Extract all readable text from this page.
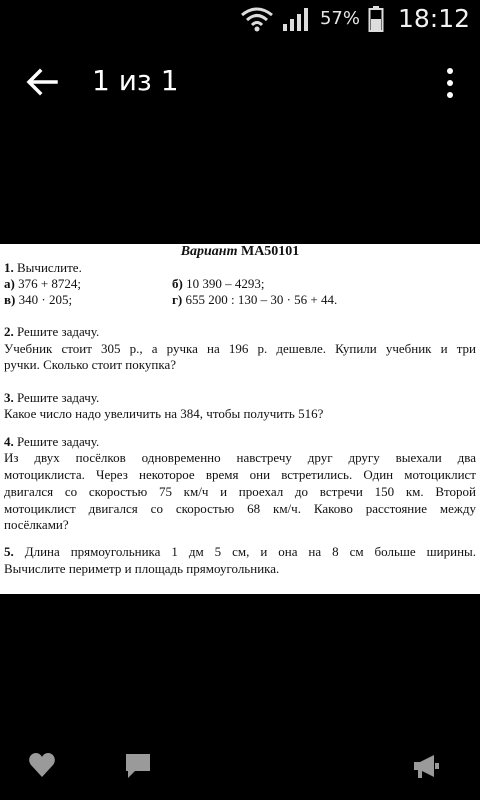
57% 18:12
1 из 1
Вариант МА50101
1. Вычислите.
а) 376 + 8724;	б) 10 390 – 4293;
в) 340 · 205;	г) 655 200 : 130 – 30 · 56 + 44.
2. Решите задачу.
Учебник стоит 305 р., а ручка на 196 р. дешевле. Купили учебник и три
ручки. Сколько стоит покупка?
3. Решите задачу.
Какое число надо увеличить на 384, чтобы получить 516?
4. Решите задачу.
Из двух посёлков одновременно навстречу друг другу выехали два
мотоциклиста. Через некоторое время они встретились. Один мотоциклист
двигался со скоростью 75 км/ч и проехал до встречи 150 км. Второй
мотоциклист двигался со скоростью 68 км/ч. Каково расстояние между
посёлками?
5. Длина прямоугольника 1 дм 5 см, и она на 8 см больше ширины.
Вычислите периметр и площадь прямоугольника.
